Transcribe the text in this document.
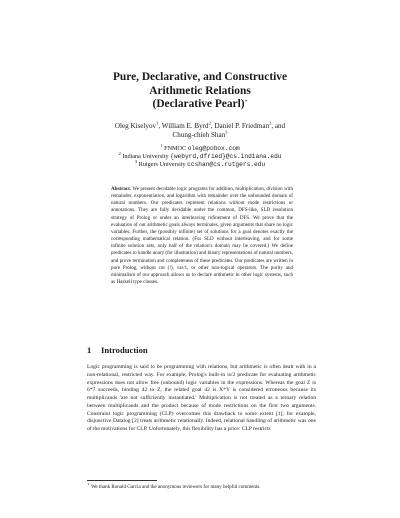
Pure, Declarative, and Constructive
Arithmetic Relations
(Declarative Pearl)⋆
Oleg Kiselyov$^1$, William E. Byrd$^2$, Daniel P. Friedman$^2$, and
Chung-chieh Shan$^3$
$^1$ FNMOC oleg@pobox.com
$^2$ Indiana University {webyrd,dfried}@cs.indiana.edu
$^3$ Rutgers University ccshan@cs.rutgers.edu
Abstract. We present decidable logic programs for addition, multiplication, division with remainder, exponentiation, and logarithm with remainder over the unbounded domain of natural numbers. Our predicates represent relations without mode restrictions or annotations. They are fully decidable under the common, DFS-like, SLD resolution strategy of Prolog or under an interleaving refinement of DFS. We prove that the evaluation of our arithmetic goals always terminates, given arguments that share no logic variables. Further, the (possibly infinite) set of solutions for a goal denotes exactly the corresponding mathematical relation. (For SLD without interleaving, and for some infinite solution sets, only half of the relation's domain may be covered.) We define predicates to handle unary (for illustration) and binary representations of natural numbers, and prove termination and completeness of these predicates. Our predicates are written in pure Prolog, without cut (!), var/1, or other non-logical operators. The purity and minimalism of our approach allows us to declare arithmetic in other logic systems, such as Haskell type classes.
1 Introduction

Logic programming is said to be programming with relations, but arithmetic is often dealt with in a non-relational, restricted way. For example, Prolog's built-in is/2 predicate for evaluating arithmetic expressions does not allow free (unbound) logic variables in the expressions. Whereas the goal Z is 6*7 succeeds, binding 42 to Z, the related goal 42 is X*Y is considered erroneous because its multiplicands 'are not sufficiently instantiated.' Multiplication is not treated as a ternary relation between multiplicands and the product because of mode restrictions on the first two arguments. Constraint logic programming (CLP) overcomes this drawback to some extent [1]; for example, disjunctive Datalog [2] treats arithmetic relationally. Indeed, relational handling of arithmetic was one of the motivations for CLP. Unfortunately, this flexibility has a price: CLP restricts

⋆ We thank Ronald Garcia and the anonymous reviewers for many helpful comments.
